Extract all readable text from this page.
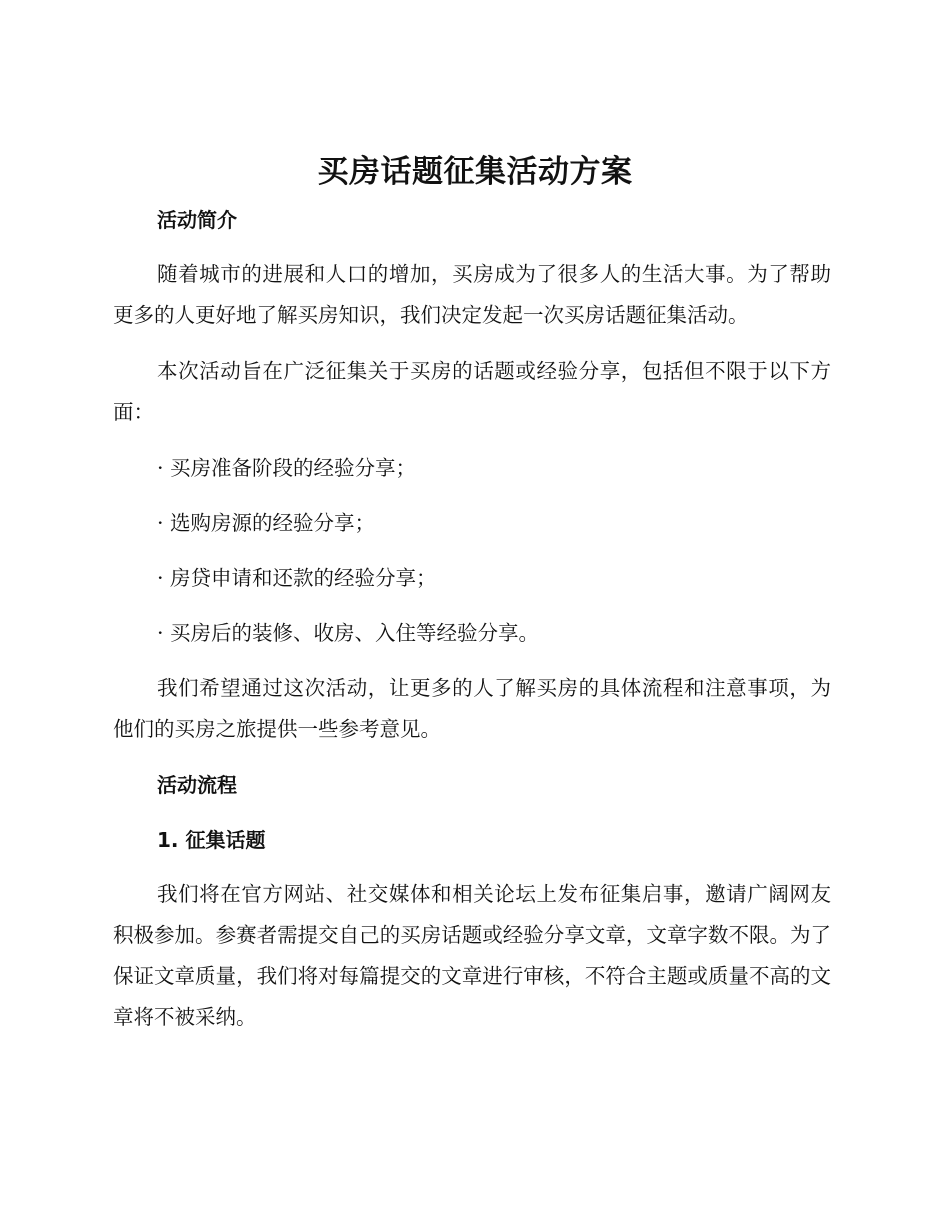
买房话题征集活动方案
活动简介

随着城市的进展和人口的增加，买房成为了很多人的生活大事。为了帮助更多的人更好地了解买房知识，我们决定发起一次买房话题征集活动。

本次活动旨在广泛征集关于买房的话题或经验分享，包括但不限于以下方面：

· 买房准备阶段的经验分享；

· 选购房源的经验分享；

· 房贷申请和还款的经验分享；

· 买房后的装修、收房、入住等经验分享。

我们希望通过这次活动，让更多的人了解买房的具体流程和注意事项，为他们的买房之旅提供一些参考意见。

活动流程
1. 征集话题

我们将在官方网站、社交媒体和相关论坛上发布征集启事，邀请广阔网友积极参加。参赛者需提交自己的买房话题或经验分享文章，文章字数不限。为了保证文章质量，我们将对每篇提交的文章进行审核，不符合主题或质量不高的文章将不被采纳。
